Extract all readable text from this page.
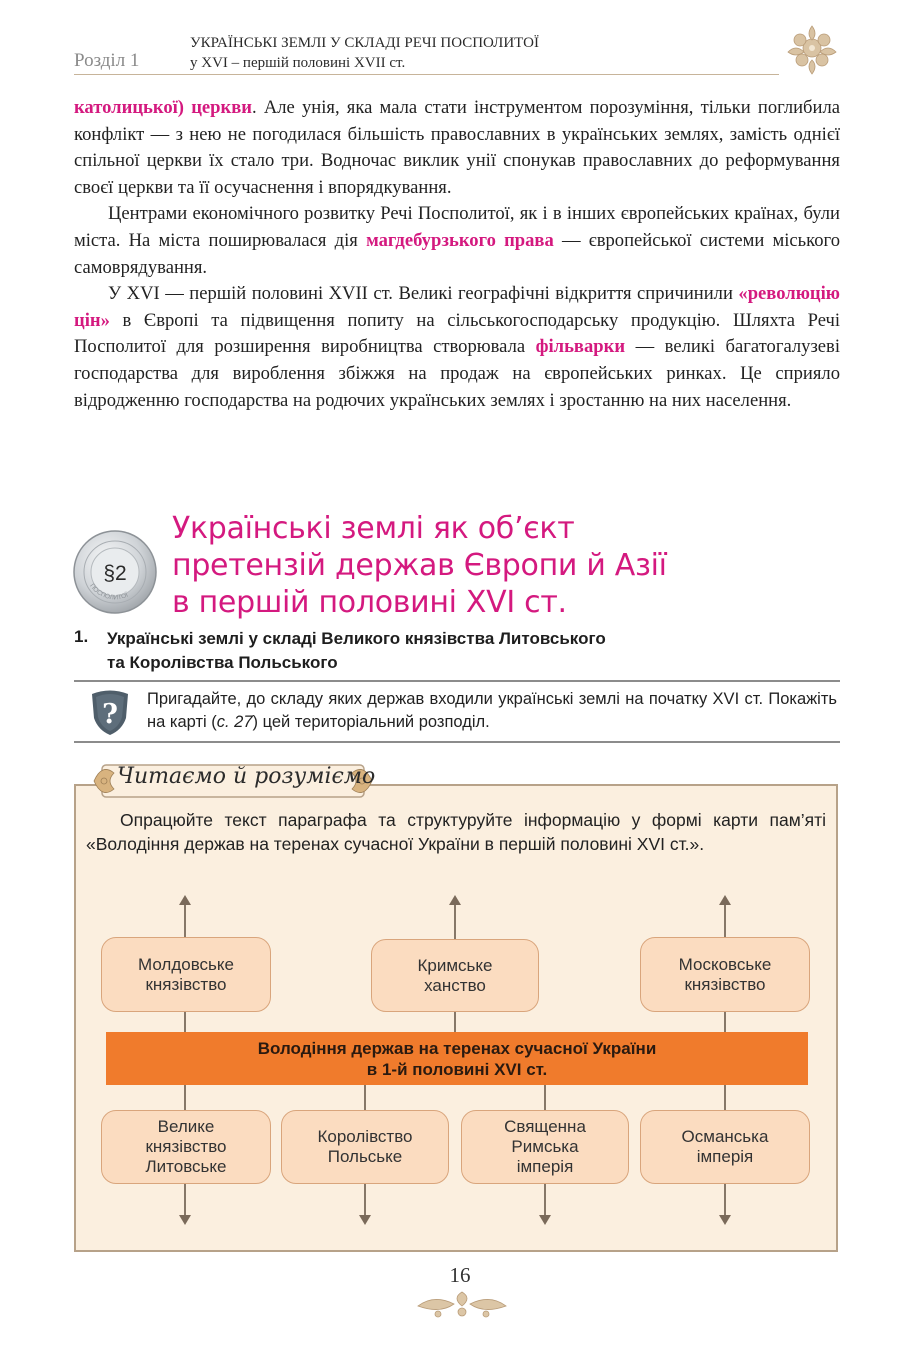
Розділ 1
УКРАЇНСЬКІ ЗЕМЛІ У СКЛАДІ РЕЧІ ПОСПОЛИТОЇ
у XVI – першій половині XVII ст.

католицької) церкви. Але унія, яка мала стати інструментом порозуміння, тільки поглибила конфлікт — з нею не погодилася більшість православних в українських землях, замість однієї спільної церкви їх стало три. Водночас виклик унії спонукав православних до реформування своєї церкви та її осучаснення і впорядкування.

Центрами економічного розвитку Речі Посполитої, як і в інших європейських країнах, були міста. На міста поширювалася дія магдебурзького права — європейської системи міського самоврядування.

У XVI — першій половині XVII ст. Великі географічні відкриття спричинили «революцію цін» в Європі та підвищення попиту на сільськогосподарську продукцію. Шляхта Речі Посполитої для розширення виробництва створювала фільварки — великі багатогалузеві господарства для вироблення збіжжя на продаж на європейських ринках. Це сприяло відродженню господарства на родючих українських землях і зростанню на них населення.

§2
ПОСПОЛИТОЇ
Українські землі як об’єкт
претензій держав Європи й Азії
в першій половині XVI ст.
1. Українські землі у складі Великого князівства Литовського
та Королівства Польського
? Пригадайте, до складу яких держав входили українські землі на початку XVI ст. Покажіть на карті (с. 27) цей територіальний розподіл.
Читаємо й розуміємо
Опрацюйте текст параграфа та структуруйте інформацію у формі карти пам’яті «Володіння держав на теренах сучасної України в першій половині XVI ст.».
Молдовське
князівство
Кримське
ханство
Московське
князівство
Володіння держав на теренах сучасної України
в 1-й половині XVI ст.
Велике
князівство
Литовське
Королівство
Польське
Священна
Римська
імперія
Османська
імперія
16
